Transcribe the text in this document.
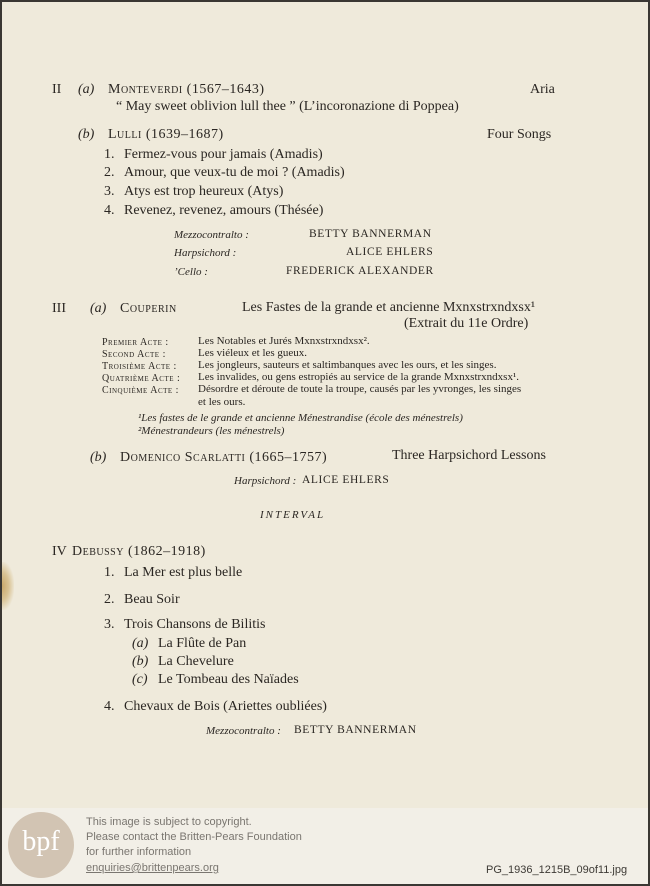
II (a) Monteverdi (1567–1643)	Aria
“ May sweet oblivion lull thee ” (L’incoronazione di Poppea)
(b) Lulli (1639–1687)	Four Songs
1. Fermez-vous pour jamais (Amadis)
2. Amour, que veux-tu de moi ? (Amadis)
3. Atys est trop heureux (Atys)
4. Revenez, revenez, amours (Thésée)
Mezzocontralto :	BETTY BANNERMAN
Harpsichord :	ALICE EHLERS
’Cello :	FREDERICK ALEXANDER
III (a) Couperin	Les Fastes de la grande et ancienne Mxnxstrxndxsx¹
(Extrait du 11e Ordre)
Premier Acte :	Les Notables et Jurés Mxnxstrxndxsx².
Second Acte :	Les viéleux et les gueux.
Troisième Acte : Les jongleurs, sauteurs et saltimbanques avec les ours, et les singes.
Quatrième Acte : Les invalides, ou gens estropiés au service de la grande Mxnxstrxndxsx¹.
Cinquième Acte : Désordre et déroute de toute la troupe, causés par les yvronges, les singes
et les ours.
¹Les fastes de le grande et ancienne Ménestrandise (école des ménestrels)
²Ménestrandeurs (les ménestrels)
(b) Domenico Scarlatti (1665–1757)	Three Harpsichord Lessons
Harpsichord : ALICE EHLERS
INTERVAL
IV Debussy (1862–1918)
1. La Mer est plus belle
2. Beau Soir
3. Trois Chansons de Bilitis
(a) La Flûte de Pan
(b) La Chevelure
(c) Le Tombeau des Naïades
4. Chevaux de Bois (Ariettes oubliées)
Mezzocontralto : BETTY BANNERMAN
bpf
This image is subject to copyright.
Please contact the Britten-Pears Foundation
for further information
enquiries@brittenpears.org	PG_1936_1215B_09of11.jpg
